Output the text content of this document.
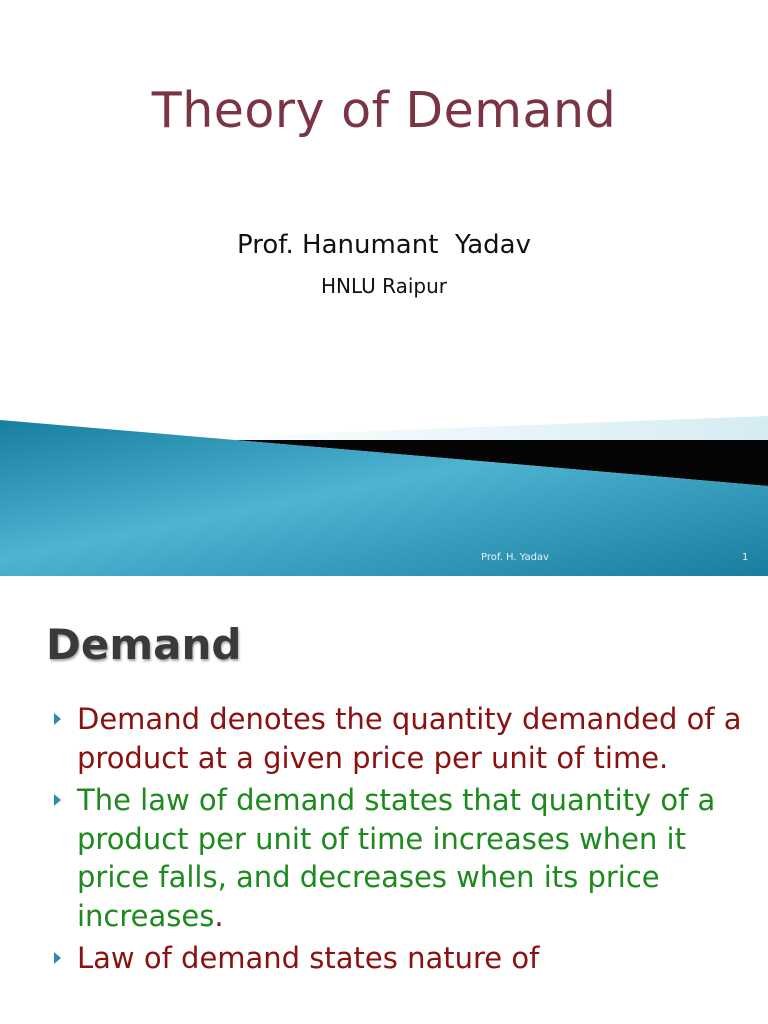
Theory of Demand
Prof. Hanumant  Yadav
HNLU Raipur
Prof. H. Yadav	1
Demand
Demand denotes the quantity demanded of a product at a given price per unit of time.
The law of demand states that quantity of a product per unit of time increases when it price falls, and decreases when its price increases.
Law of demand states nature of
